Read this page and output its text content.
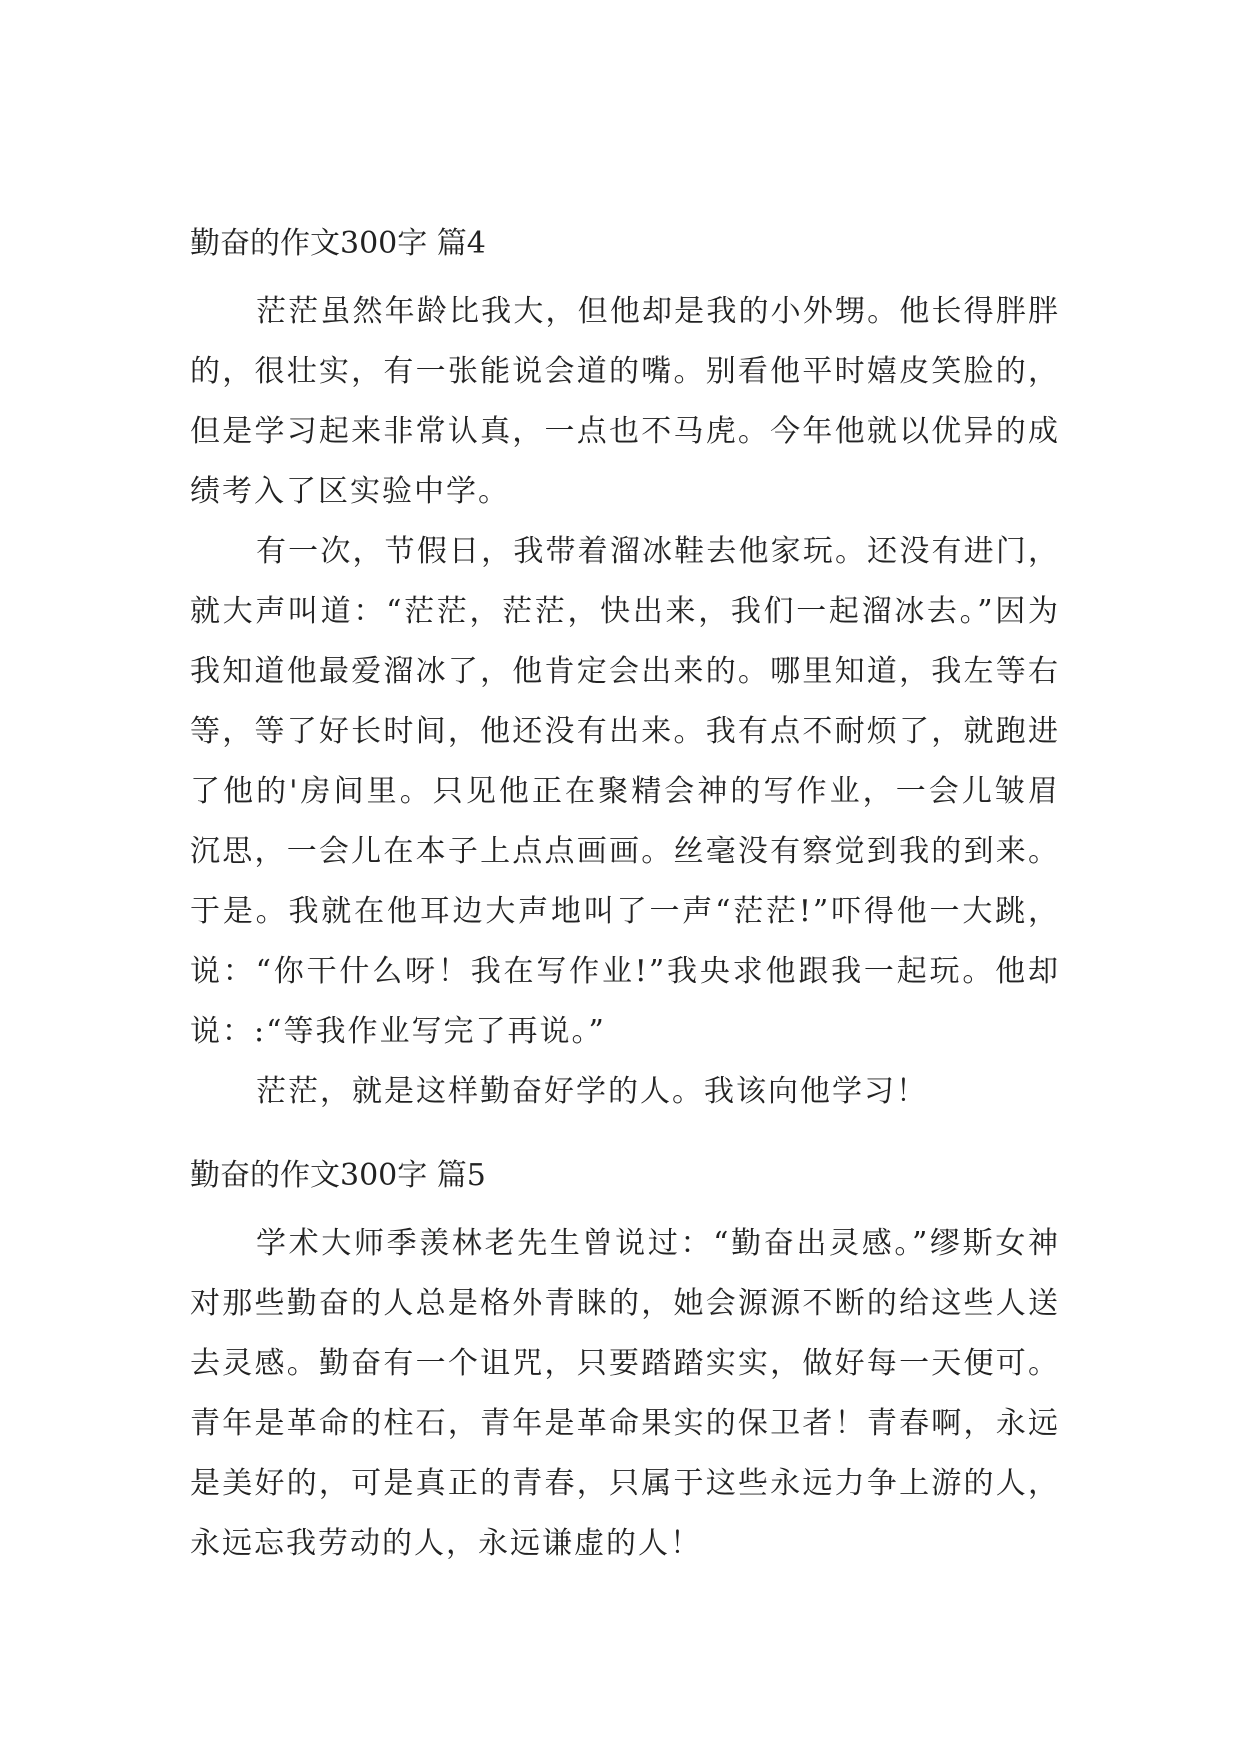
勤奋的作文300字 篇4

茫茫虽然年龄比我大，但他却是我的小外甥。他长得胖胖的，很壮实，有一张能说会道的嘴。别看他平时嬉皮笑脸的，但是学习起来非常认真，一点也不马虎。今年他就以优异的成绩考入了区实验中学。

有一次，节假日，我带着溜冰鞋去他家玩。还没有进门，就大声叫道：“茫茫，茫茫，快出来，我们一起溜冰去。”因为我知道他最爱溜冰了，他肯定会出来的。哪里知道，我左等右等，等了好长时间，他还没有出来。我有点不耐烦了，就跑进了他的'房间里。只见他正在聚精会神的写作业，一会儿皱眉沉思，一会儿在本子上点点画画。丝毫没有察觉到我的到来。于是。我就在他耳边大声地叫了一声“茫茫!”吓得他一大跳，说：“你干什么呀！我在写作业!”我央求他跟我一起玩。他却说：:“等我作业写完了再说。”

茫茫，就是这样勤奋好学的人。我该向他学习！

勤奋的作文300字 篇5

学术大师季羡林老先生曾说过：“勤奋出灵感。”缪斯女神对那些勤奋的人总是格外青睐的，她会源源不断的给这些人送去灵感。勤奋有一个诅咒，只要踏踏实实，做好每一天便可。青年是革命的柱石，青年是革命果实的保卫者！青春啊，永远是美好的，可是真正的青春，只属于这些永远力争上游的人，永远忘我劳动的人，永远谦虚的人！
